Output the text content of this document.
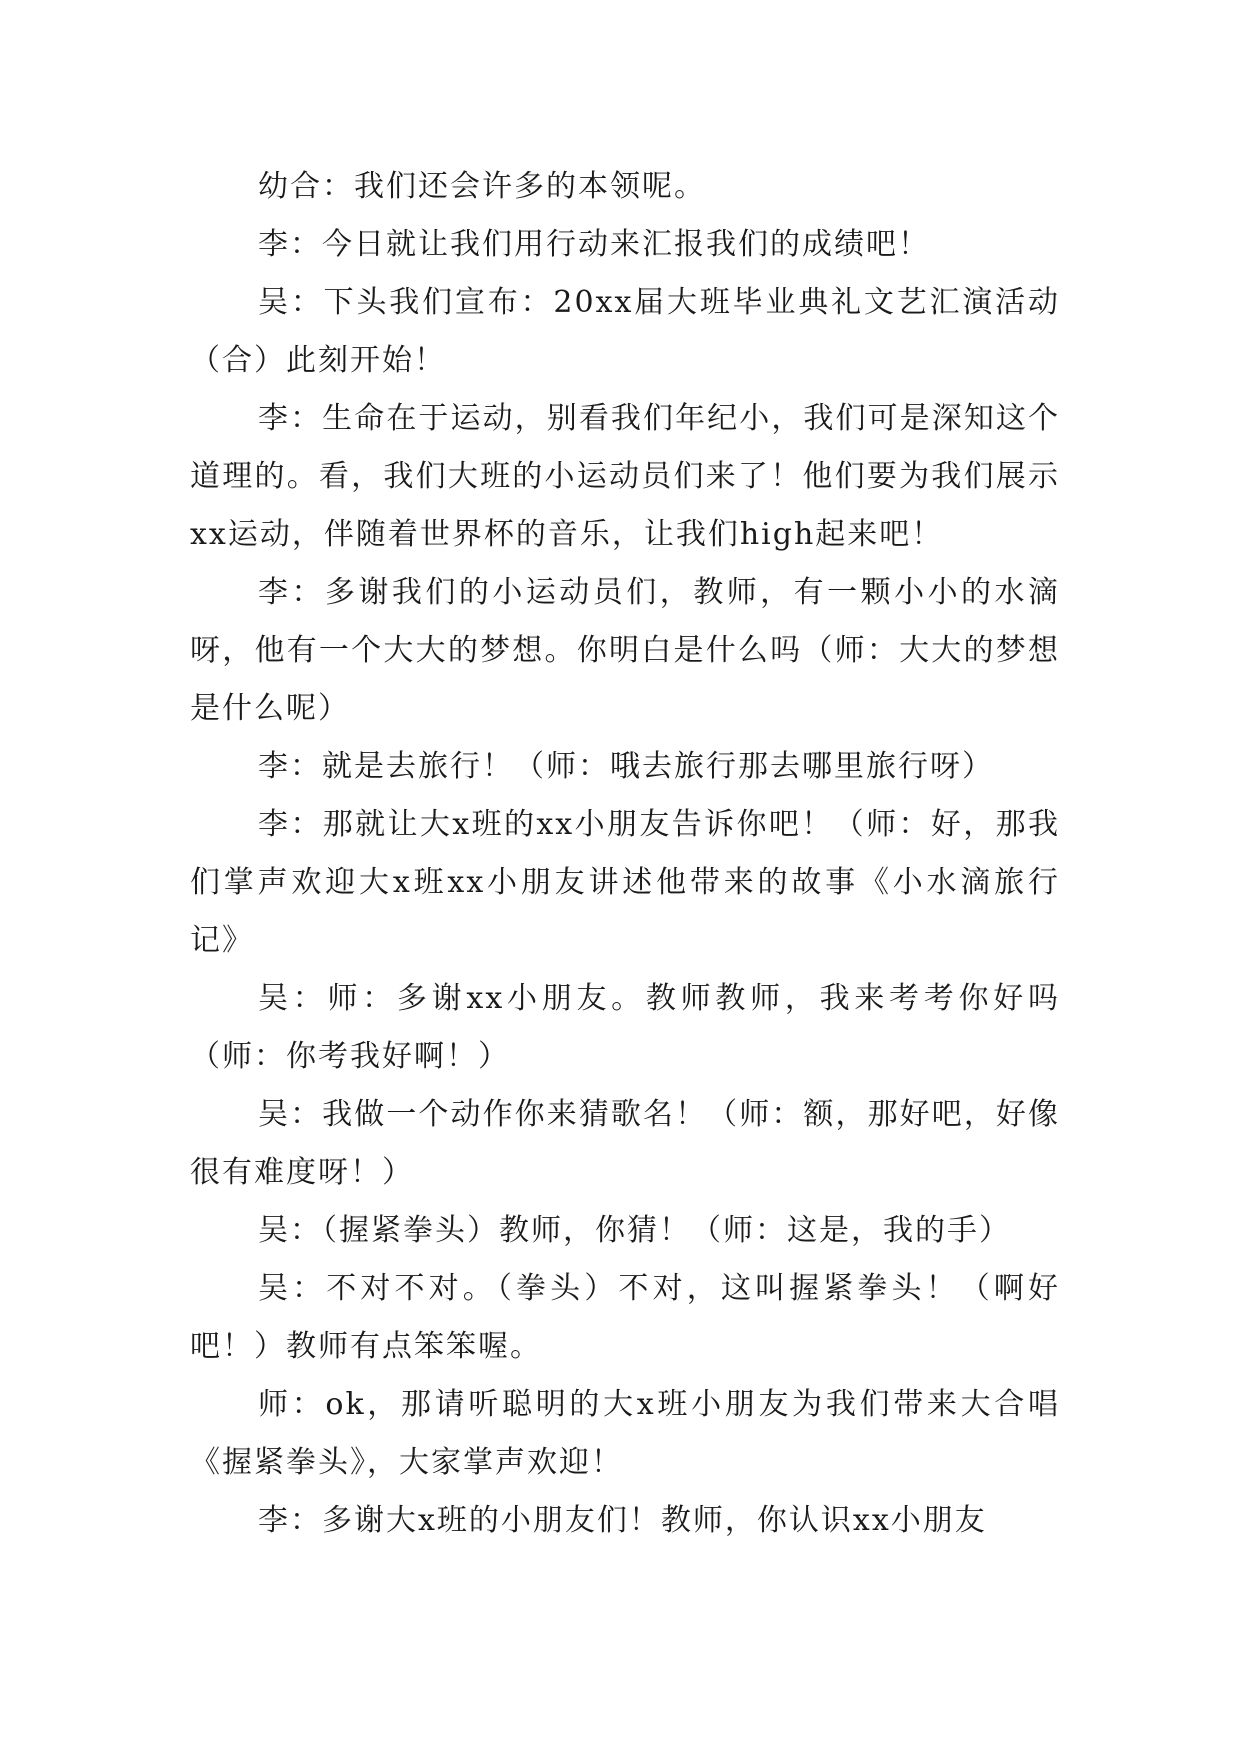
幼合：我们还会许多的本领呢。

李：今日就让我们用行动来汇报我们的成绩吧！

吴：下头我们宣布：20xx届大班毕业典礼文艺汇演活动（合）此刻开始！

李：生命在于运动，别看我们年纪小，我们可是深知这个道理的。看，我们大班的小运动员们来了！他们要为我们展示xx运动，伴随着世界杯的音乐，让我们high起来吧！

李：多谢我们的小运动员们，教师，有一颗小小的水滴呀，他有一个大大的梦想。你明白是什么吗（师：大大的梦想是什么呢）

李：就是去旅行！（师：哦去旅行那去哪里旅行呀）

李：那就让大x班的xx小朋友告诉你吧！（师：好，那我们掌声欢迎大x班xx小朋友讲述他带来的故事《小水滴旅行记》

吴：师：多谢xx小朋友。教师教师，我来考考你好吗（师：你考我好啊！）

吴：我做一个动作你来猜歌名！（师：额，那好吧，好像很有难度呀！）

吴：（握紧拳头）教师，你猜！（师：这是，我的手）

吴：不对不对。（拳头）不对，这叫握紧拳头！（啊好吧！）教师有点笨笨喔。

师：ok，那请听聪明的大x班小朋友为我们带来大合唱《握紧拳头》，大家掌声欢迎！

李：多谢大x班的小朋友们！教师，你认识xx小朋友
